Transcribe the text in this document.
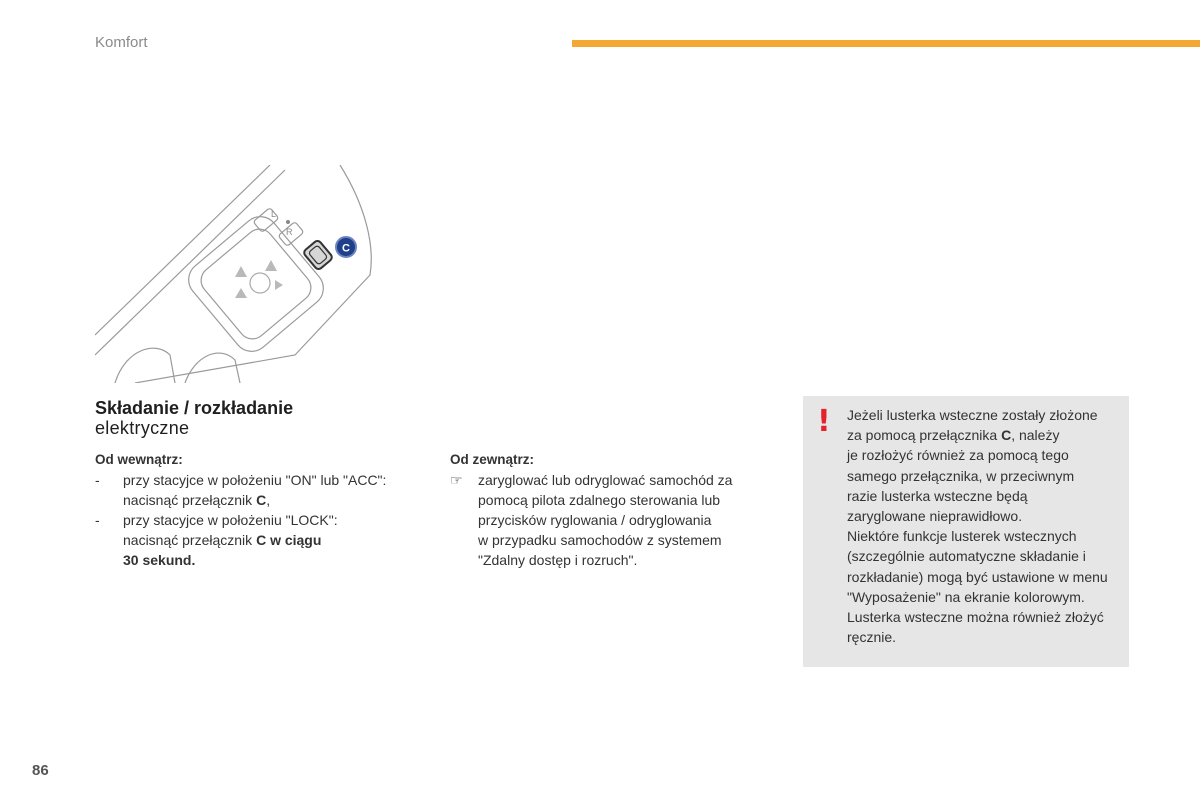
Komfort
L
R
C
Składanie / rozkładanie
elektryczne
Od wewnątrz:
-	przy stacyjce w położeniu "ON" lub "ACC":
nacisnąć przełącznik C,
-	przy stacyjce w położeniu "LOCK":
nacisnąć przełącznik C w ciągu
30 sekund.
Od zewnątrz:
☞	zaryglować lub odryglować samochód za
pomocą pilota zdalnego sterowania lub
przycisków ryglowania / odryglowania
w przypadku samochodów z systemem
"Zdalny dostęp i rozruch".
! Jeżeli lusterka wsteczne zostały złożone
za pomocą przełącznika C, należy
je rozłożyć również za pomocą tego
samego przełącznika, w przeciwnym
razie lusterka wsteczne będą
zaryglowane nieprawidłowo.
Niektóre funkcje lusterek wstecznych
(szczególnie automatyczne składanie i
rozkładanie) mogą być ustawione w menu
"Wyposażenie" na ekranie kolorowym.
Lusterka wsteczne można również złożyć
ręcznie.
86
